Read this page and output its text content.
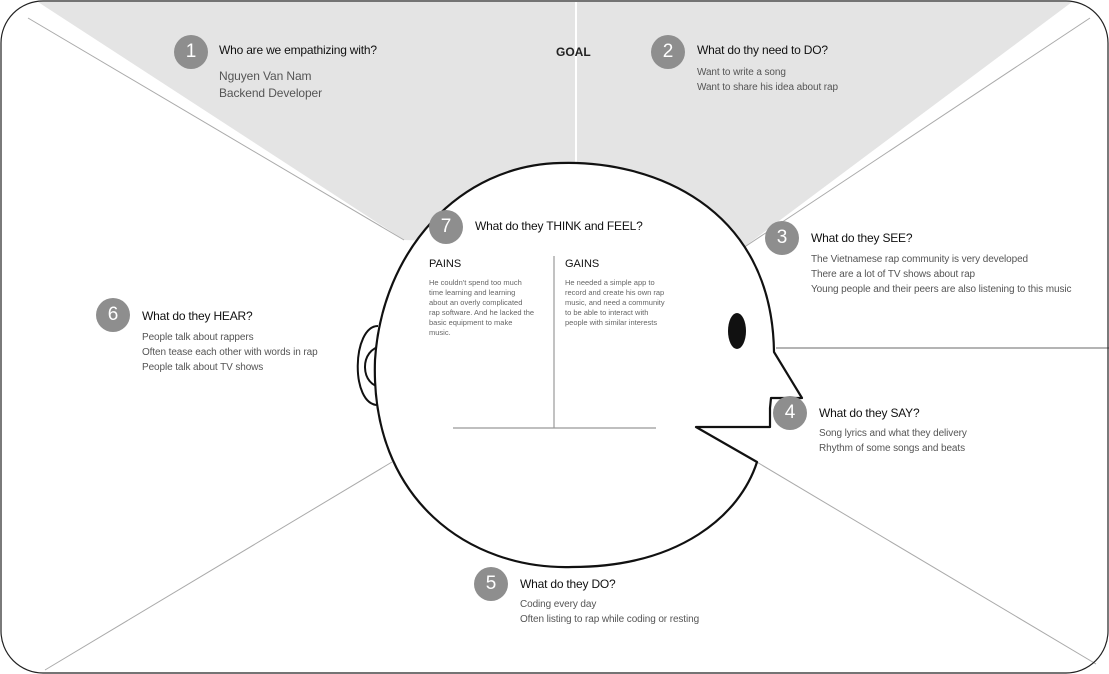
GOAL
1	Who are we empathizing with?
Nguyen Van Nam
Backend Developer
2	What do thy need to DO?
Want to write a song
Want to share his idea about rap
3	What do they SEE?
The Vietnamese rap community is very developed
There are a lot of TV shows about rap
Young people and their peers are also listening to this music
4	What do they SAY?
Song lyrics and what they delivery
Rhythm of some songs and beats
5	What do they DO?
Coding every day
Often listing to rap while coding or resting
6	What do they HEAR?
People talk about rappers
Often tease each other with words in rap
People talk about TV shows
7	What do they THINK and FEEL?
PAINS
He couldn't spend too much
time learning and learning
about an overly complicated
rap software. And he lacked the
basic equipment to make
music.
GAINS
He needed a simple app to
record and create his own rap
music, and need a community
to be able to interact with
people with similar interests
